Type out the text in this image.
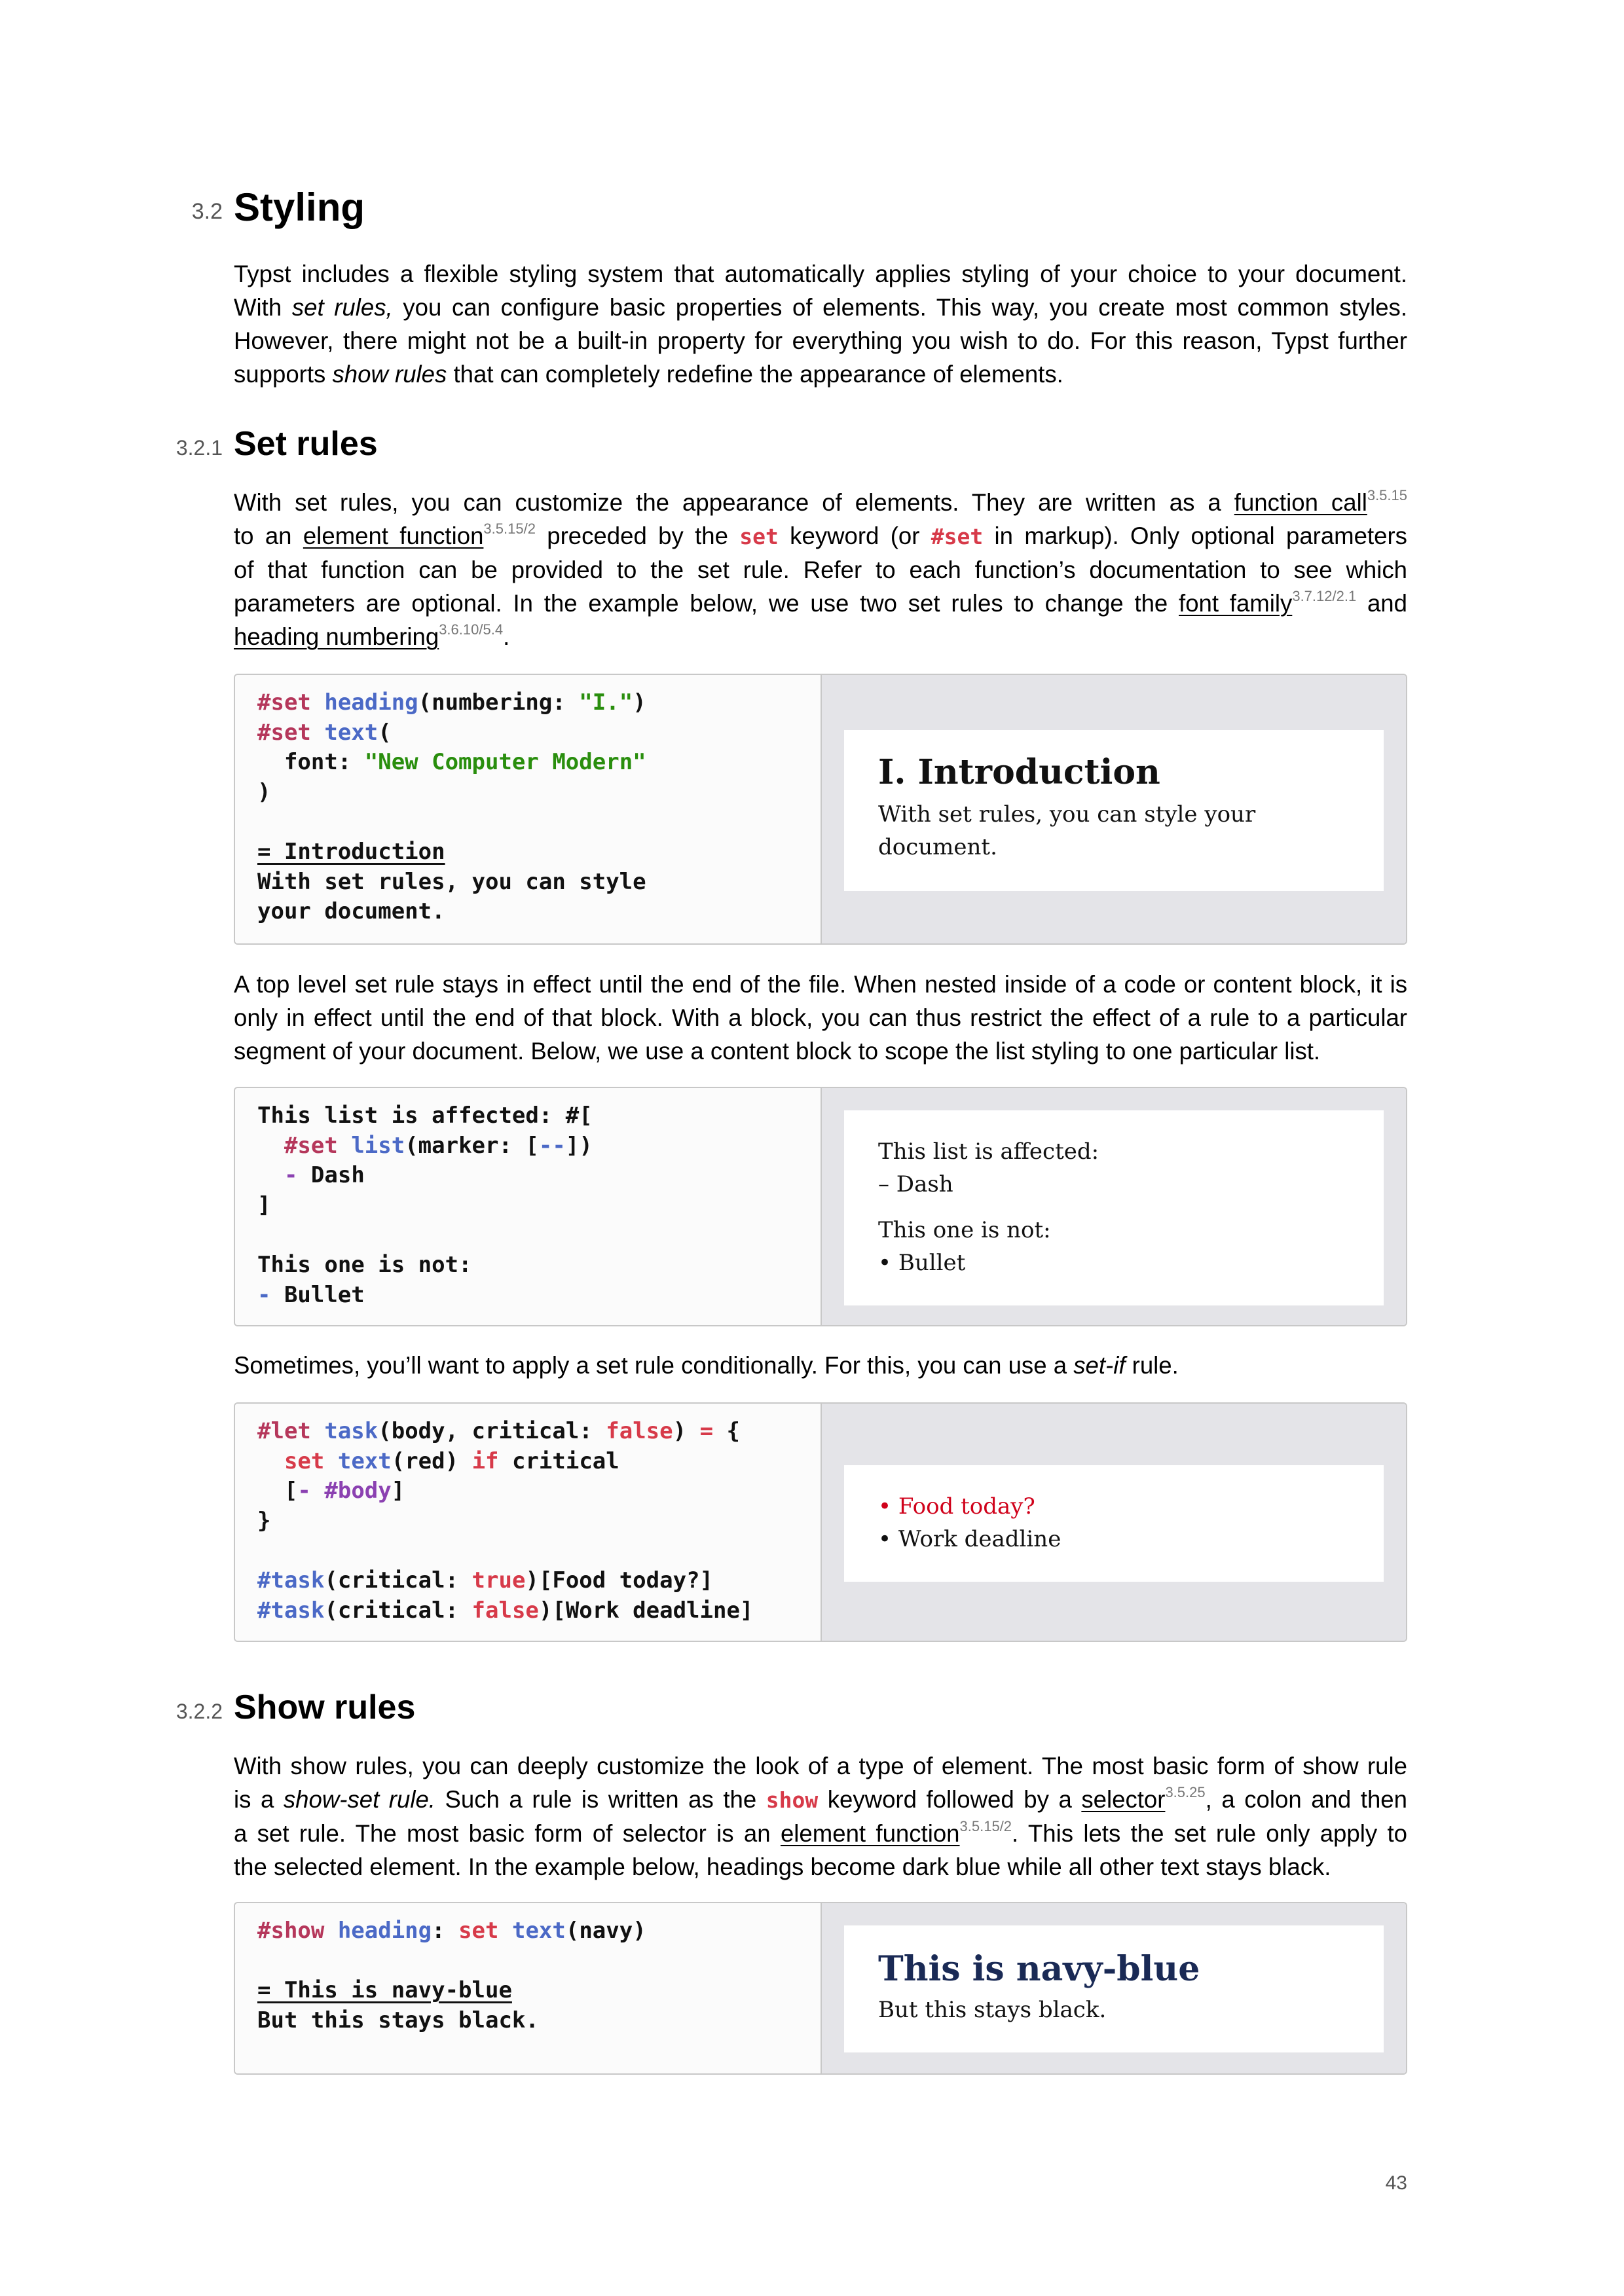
3.2 Styling
Typst includes a flexible styling system that automatically applies styling of your choice to your document.
With set rules, you can configure basic properties of elements. This way, you create most common styles.
However, there might not be a built-in property for everything you wish to do. For this reason, Typst further
supports show rules that can completely redefine the appearance of elements.
3.2.1 Set rules
With set rules, you can customize the appearance of elements. They are written as a function call$^{3.5.15}$
to an element function$^{3.5.15/2}$ preceded by the set keyword (or #set in markup). Only optional parameters
of that function can be provided to the set rule. Refer to each function’s documentation to see which
parameters are optional. In the example below, we use two set rules to change the font family$^{3.7.12/2.1}$ and
heading numbering$^{3.6.10/5.4}$.
#set heading(numbering: "I.")
#set text(
font: "New Computer Modern"
)
= Introduction
With set rules, you can style
your document.
I. Introduction
With set rules, you can style your
document.
A top level set rule stays in effect until the end of the file. When nested inside of a code or content block, it is
only in effect until the end of that block. With a block, you can thus restrict the effect of a rule to a particular
segment of your document. Below, we use a content block to scope the list styling to one particular list.
This list is affected: #[
#set list(marker: [--])
- Dash
]
This one is not:
- Bullet
This list is affected:
– Dash
This one is not:
• Bullet
Sometimes, you’ll want to apply a set rule conditionally. For this, you can use a set-if rule.
#let task(body, critical: false) = {
set text(red) if critical
[- #body]
}
#task(critical: true)[Food today?]
#task(critical: false)[Work deadline]
• Food today?
• Work deadline
3.2.2 Show rules
With show rules, you can deeply customize the look of a type of element. The most basic form of show rule
is a show-set rule. Such a rule is written as the show keyword followed by a selector$^{3.5.25}$, a colon and then
a set rule. The most basic form of selector is an element function$^{3.5.15/2}$. This lets the set rule only apply to
the selected element. In the example below, headings become dark blue while all other text stays black.
#show heading: set text(navy)
= This is navy-blue
But this stays black.
This is navy-blue
But this stays black.
43
